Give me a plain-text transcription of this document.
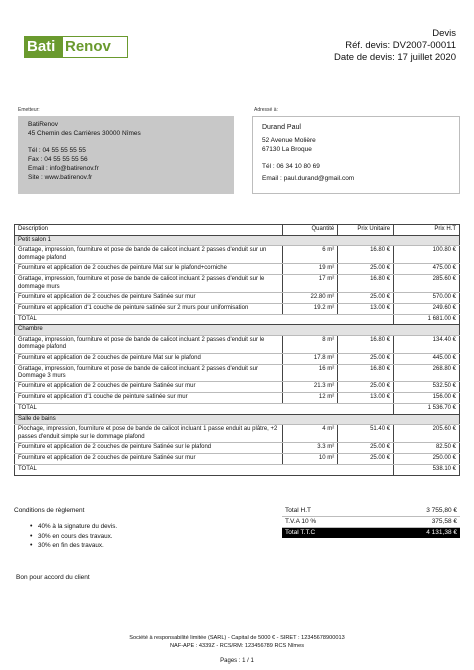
Bati Renov
Devis
Réf. devis: DV2007-00011
Date de devis: 17 juillet 2020
Emetteur:
BatiRenov
45 Chemin des Carrières 30000 Nîmes
Tél : 04 55 55 55 55
Fax : 04 55 55 55 56
Email : info@batirenov.fr
Site : www.batirenov.fr
Adressé à:
Durand Paul
52 Avenue Molière
67130 La Broque
Tél : 06 34 10 80 69
Email : paul.durand@gmail.com
Description	Quantité	Prix Unitaire	Prix H.T
Petit salon 1			
Grattage, impression, fourniture et pose de bande de calicot incluant 2 passes d'enduit sur un dommage plafond	6 m²	16.80 €	100.80 €
Fourniture et application de 2 couches de peinture Mat sur le plafond+corniche	19 m²	25.00 €	475.00 €
Grattage, impression, fourniture et pose de bande de calicot incluant 2 passes d'enduit sur le dommage murs	17 m²	16.80 €	285.60 €
Fourniture et application de 2 couches de peinture Satinée sur mur	22.80 m²	25.00 €	570.00 €
Fourniture et application d'1 couche de peinture satinée sur 2 murs pour uniformisation	19.2 m²	13.00 €	249.60 €
TOTAL			1 681.00 €
Chambre			
Grattage, impression, fourniture et pose de bande de calicot incluant 2 passes d'enduit sur le dommage plafond	8 m²	16.80 €	134.40 €
Fourniture et application de 2 couches de peinture Mat sur le plafond	17.8 m²	25.00 €	445.00 €
Grattage, impression, fourniture et pose de bande de calicot incluant 2 passes d'enduit sur Dommage 3 murs	16 m²	16.80 €	268.80 €
Fourniture et application de 2 couches de peinture Satinée sur mur	21.3 m²	25.00 €	532.50 €
Fourniture et application d'1 couche de peinture satinée sur mur	12 m²	13.00 €	156.00 €
TOTAL			1 536.70 €
Salle de bains			
Piochage, impression, fourniture et pose de bande de calicot incluant 1 passe enduit au plâtre, +2 passes d'enduit simple sur le dommage plafond	4 m²	51.40 €	205.60 €
Fourniture et application de 2 couches de peinture Satinée sur le plafond	3.3 m²	25.00 €	82.50 €
Fourniture et application de 2 couches de peinture Satinée sur mur	10 m²	25.00 €	250.00 €
TOTAL			538.10 €
Conditions de règlement
• 40% à la signature du devis.
• 30% en cours des travaux.
• 30% en fin des travaux.
Total H.T	3 755,80 €
T.V.A 10 %	375,58 €
Total T.T.C	4 131,38 €
Bon pour accord du client
Société à responsabilité limitée (SARL) - Capital de 5000 € - SIRET : 12345678900013
NAF-APE : 4339Z - RCS/RM: 123456789 RCS Nîmes
Pages : 1 / 1
